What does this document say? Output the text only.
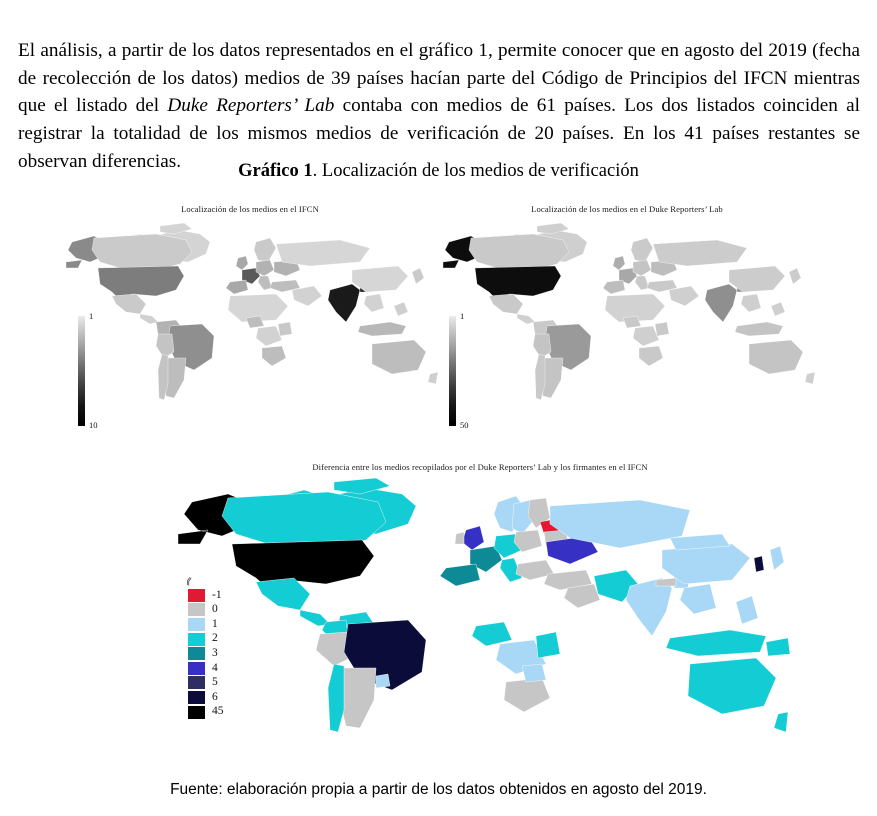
El análisis, a partir de los datos representados en el gráfico 1, permite conocer que en agosto del 2019 (fecha de recolección de los datos) medios de 39 países hacían parte del Código de Principios del IFCN mientras que el listado del Duke Reporters’ Lab contaba con medios de 61 países. Los dos listados coinciden al registrar la totalidad de los mismos medios de verificación de 20 países. En los 41 países restantes se observan diferencias.	Gráfico 1. Localización de los medios de verificación
Localización de los medios en el IFCN
1
10
Localización de los medios en el Duke Reporters’ Lab
1
50
Diferencia entre los medios recopilados por el Duke Reporters’ Lab y los firmantes en el IFCN
⟪
-1
0
1
2
3
4
5
6
45
Fuente: elaboración propia a partir de los datos obtenidos en agosto del 2019.
